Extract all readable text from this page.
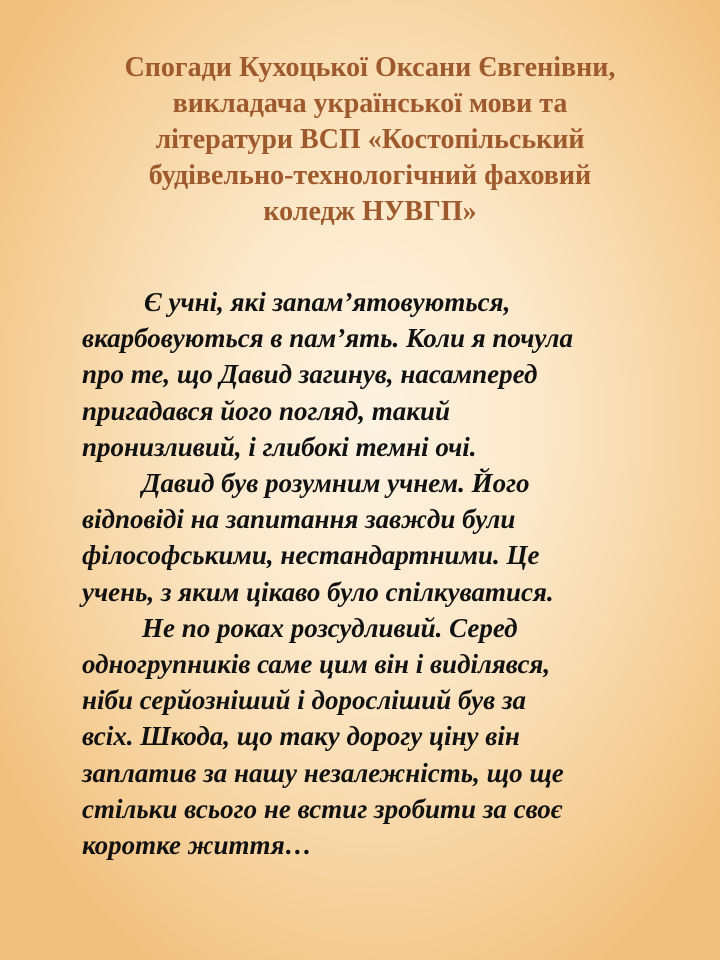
Спогади Кухоцької Оксани Євгенівни,
викладача української мови та
літератури ВСП «Костопільський
будівельно-технологічний фаховий
коледж НУВГП»
Є учні, які запам’ятовуються,
вкарбовуються в пам’ять. Коли я почула
про те, що Давид загинув, насамперед
пригадався його погляд, такий
пронизливий, і глибокі темні очі.
Давид був розумним учнем. Його
відповіді на запитання завжди були
філософськими, нестандартними. Це
учень, з яким цікаво було спілкуватися.
Не по роках розсудливий. Серед
одногрупників саме цим він і виділявся,
ніби серйозніший і доросліший був за
всіх. Шкода, що таку дорогу ціну він
заплатив за нашу незалежність, що ще
стільки всього не встиг зробити за своє
коротке життя…
